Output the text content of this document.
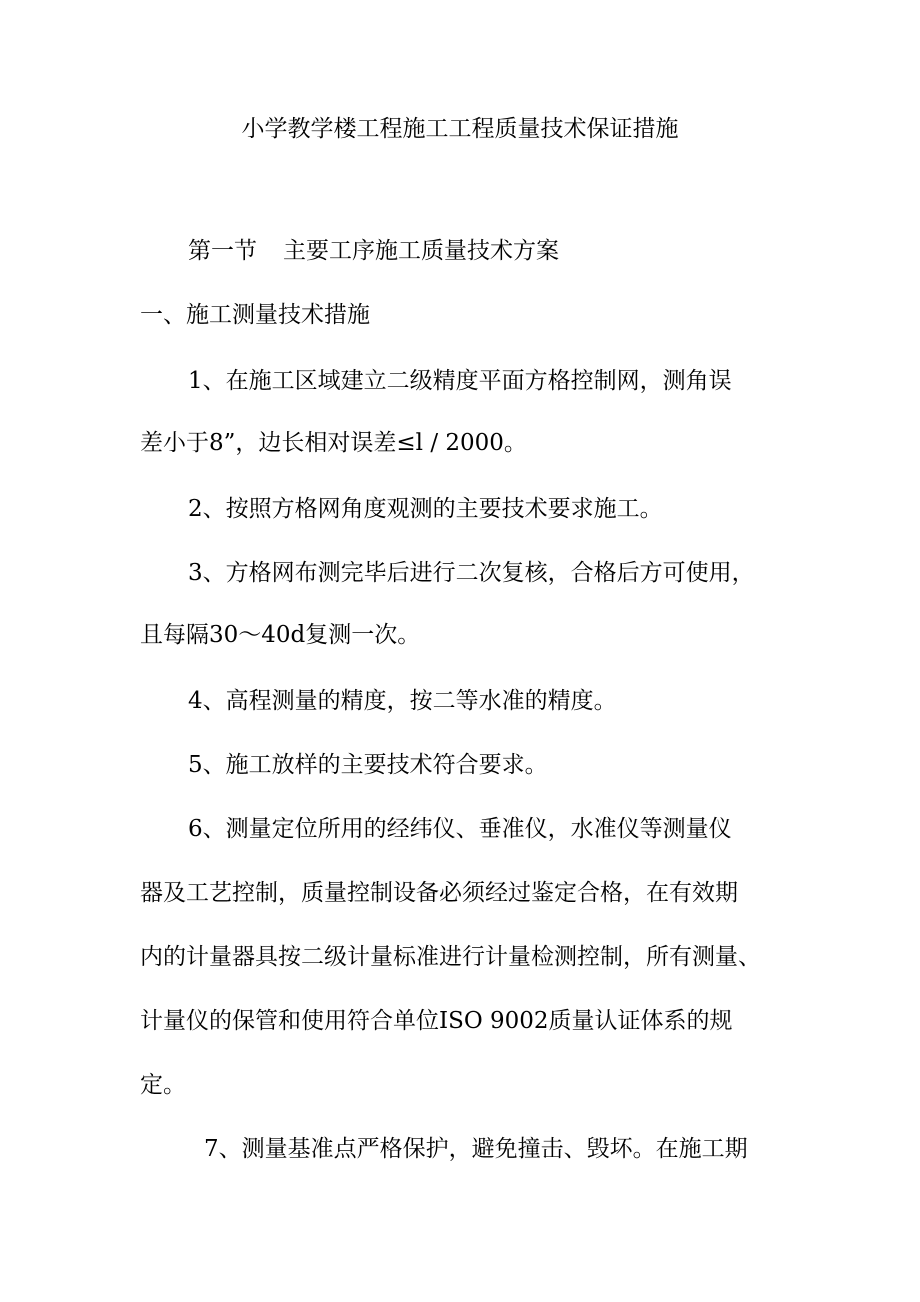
小学教学楼工程施工工程质量技术保证措施
第一节 主要工序施工质量技术方案
一、施工测量技术措施
1、在施工区域建立二级精度平面方格控制网，测角误
差小于8”，边长相对误差≤l / 2000。
2、按照方格网角度观测的主要技术要求施工。
3、方格网布测完毕后进行二次复核，合格后方可使用，
且每隔30～40d复测一次。
4、高程测量的精度，按二等水准的精度。
5、施工放样的主要技术符合要求。
6、测量定位所用的经纬仪、垂准仪，水准仪等测量仪
器及工艺控制，质量控制设备必须经过鉴定合格，在有效期
内的计量器具按二级计量标准进行计量检测控制，所有测量、
计量仪的保管和使用符合单位ISO 9002质量认证体系的规
定。
7、测量基准点严格保护，避免撞击、毁坏。在施工期
